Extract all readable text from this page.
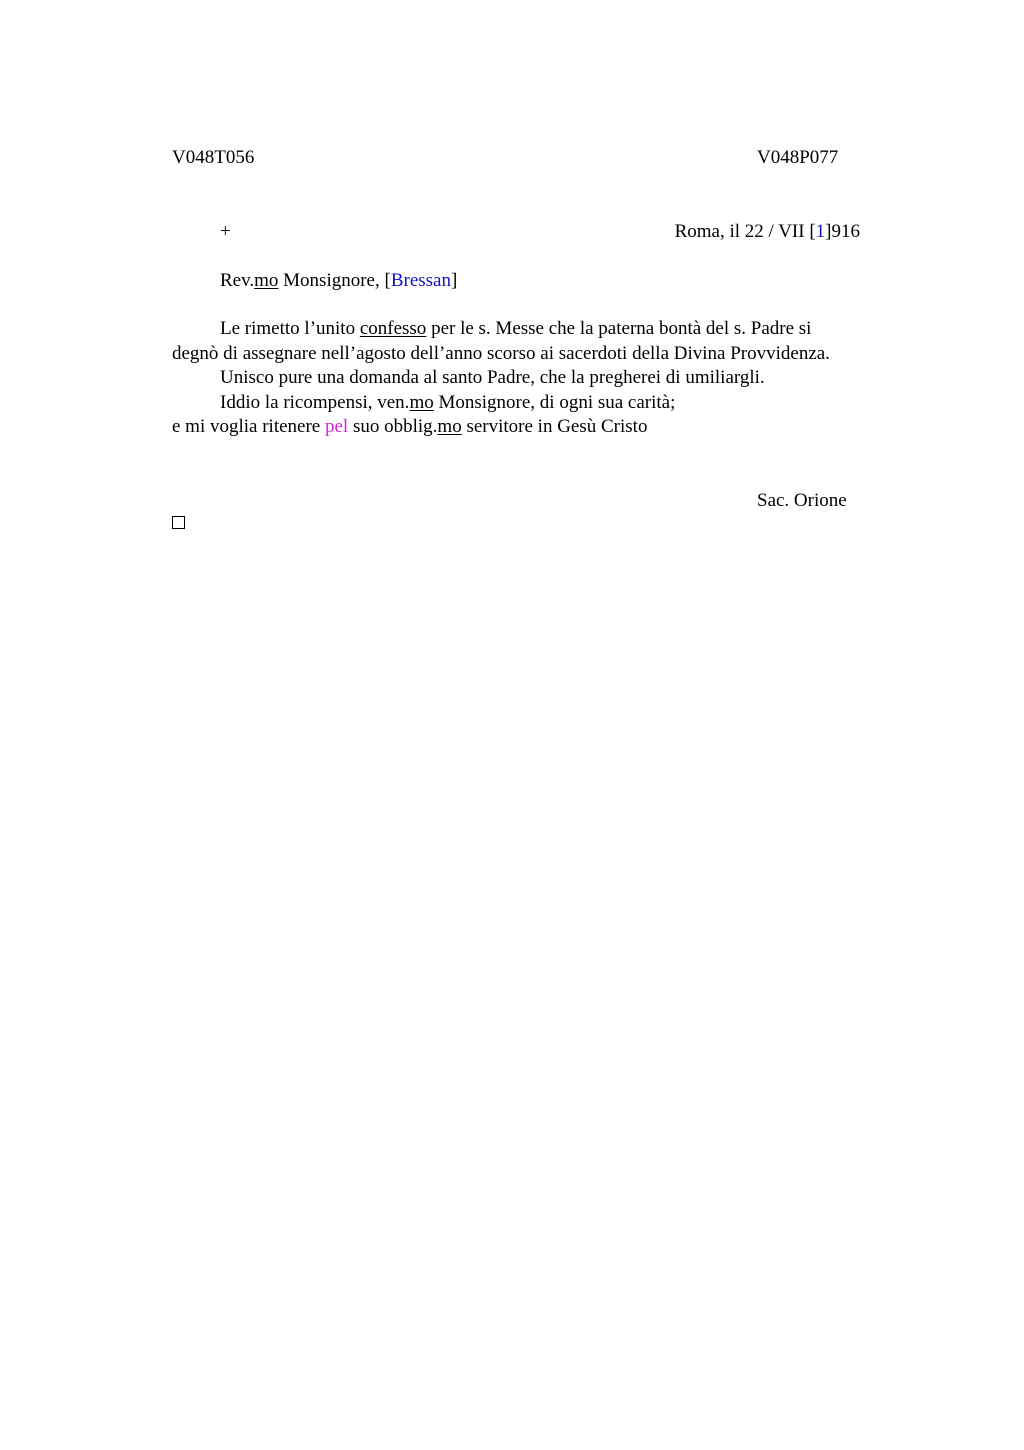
V048T056	V048P077
+	Roma, il 22 / VII [1]916
Rev.mo Monsignore, [Bressan]
Le rimetto l’unito confesso per le s. Messe che la paterna bontà del s. Padre si degnò di assegnare nell’agosto dell’anno scorso ai sacerdoti della Divina Provvidenza.
Unisco pure una domanda al santo Padre, che la pregherei di umiliargli.
Iddio la ricompensi, ven.mo Monsignore, di ogni sua carità;
e mi voglia ritenere pel suo obblig.mo servitore in Gesù Cristo
Sac. Orione
